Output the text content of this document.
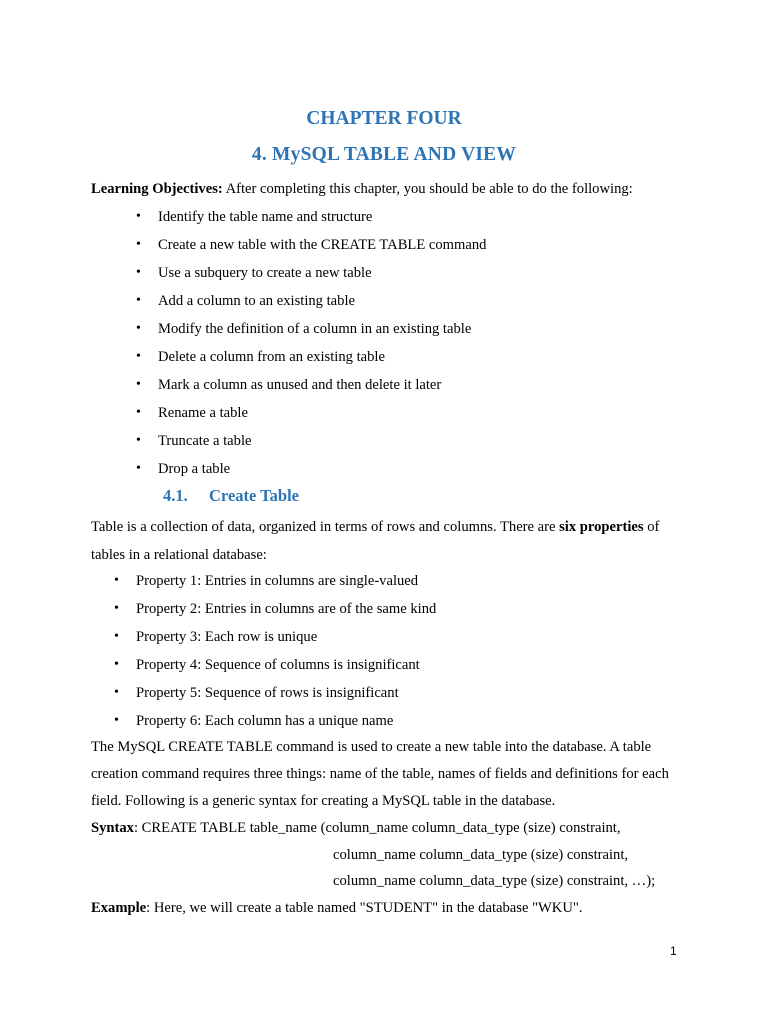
CHAPTER FOUR
4. MySQL TABLE AND VIEW
Learning Objectives: After completing this chapter, you should be able to do the following:
• Identify the table name and structure
• Create a new table with the CREATE TABLE command
• Use a subquery to create a new table
• Add a column to an existing table
• Modify the definition of a column in an existing table
• Delete a column from an existing table
• Mark a column as unused and then delete it later
• Rename a table
• Truncate a table
• Drop a table
4.1. Create Table
Table is a collection of data, organized in terms of rows and columns. There are six properties of
tables in a relational database:
• Property 1: Entries in columns are single-valued
• Property 2: Entries in columns are of the same kind
• Property 3: Each row is unique
• Property 4: Sequence of columns is insignificant
• Property 5: Sequence of rows is insignificant
• Property 6: Each column has a unique name
The MySQL CREATE TABLE command is used to create a new table into the database. A table
creation command requires three things: name of the table, names of fields and definitions for each
field. Following is a generic syntax for creating a MySQL table in the database.
Syntax: CREATE TABLE table_name (column_name column_data_type (size) constraint,
column_name column_data_type (size) constraint,
column_name column_data_type (size) constraint, …);
Example: Here, we will create a table named "STUDENT" in the database "WKU".
1
